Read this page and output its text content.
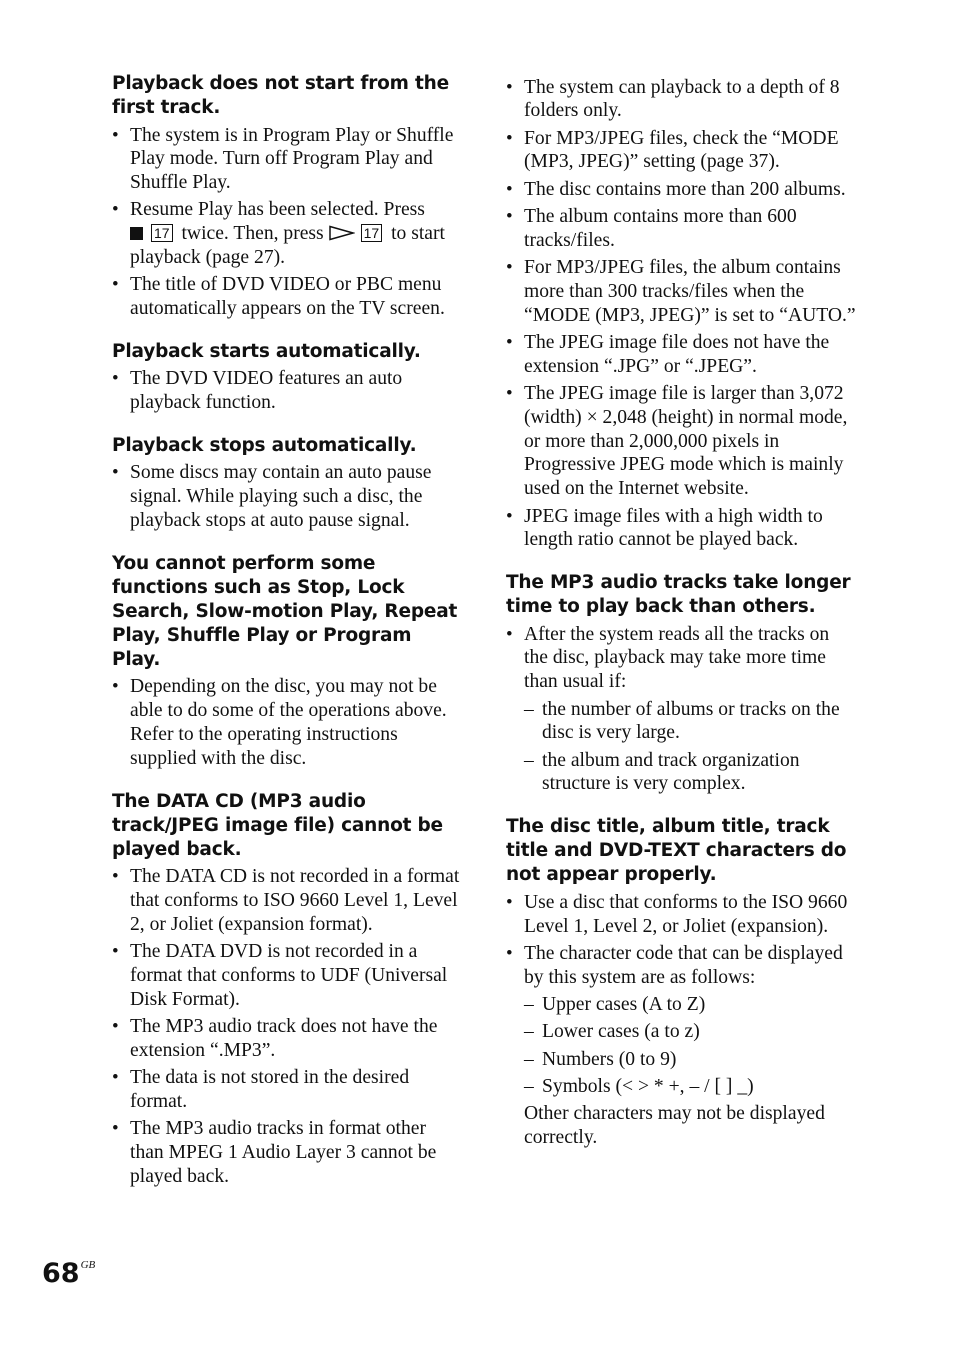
Playback does not start from the first track.
• The system is in Program Play or Shuffle Play mode. Turn off Program Play and Shuffle Play.
• Resume Play has been selected. Press
17 twice. Then, press	17 to start playback (page 27).
• The title of DVD VIDEO or PBC menu automatically appears on the TV screen.
Playback starts automatically.
• The DVD VIDEO features an auto playback function.
Playback stops automatically.
• Some discs may contain an auto pause signal. While playing such a disc, the playback stops at auto pause signal.
You cannot perform some functions such as Stop, Lock Search, Slow-motion Play, Repeat Play, Shuffle Play or Program Play.
• Depending on the disc, you may not be able to do some of the operations above. Refer to the operating instructions supplied with the disc.
The DATA CD (MP3 audio track/JPEG image file) cannot be played back.
• The DATA CD is not recorded in a format that conforms to ISO 9660 Level 1, Level 2, or Joliet (expansion format).
• The DATA DVD is not recorded in a format that conforms to UDF (Universal Disk Format).
• The MP3 audio track does not have the extension “.MP3”.
• The data is not stored in the desired format.
• The MP3 audio tracks in format other than MPEG 1 Audio Layer 3 cannot be played back.
• The system can playback to a depth of 8 folders only.
• For MP3/JPEG files, check the “MODE (MP3, JPEG)” setting (page 37).
• The disc contains more than 200 albums.
• The album contains more than 600 tracks/files.
• For MP3/JPEG files, the album contains more than 300 tracks/files when the “MODE (MP3, JPEG)” is set to “AUTO.”
• The JPEG image file does not have the extension “.JPG” or “.JPEG”.
• The JPEG image file is larger than 3,072 (width) × 2,048 (height) in normal mode, or more than 2,000,000 pixels in Progressive JPEG mode which is mainly used on the Internet website.
• JPEG image files with a high width to length ratio cannot be played back.
The MP3 audio tracks take longer time to play back than others.
• After the system reads all the tracks on the disc, playback may take more time than usual if:
– the number of albums or tracks on the disc is very large.
– the album and track organization structure is very complex.
The disc title, album title, track title and DVD-TEXT characters do not appear properly.
• Use a disc that conforms to the ISO 9660 Level 1, Level 2, or Joliet (expansion).
• The character code that can be displayed by this system are as follows:
– Upper cases (A to Z)
– Lower cases (a to z)
– Numbers (0 to 9)
– Symbols (< > * +, – / [ ] _)
Other characters may not be displayed correctly.
$68^{GB}$
